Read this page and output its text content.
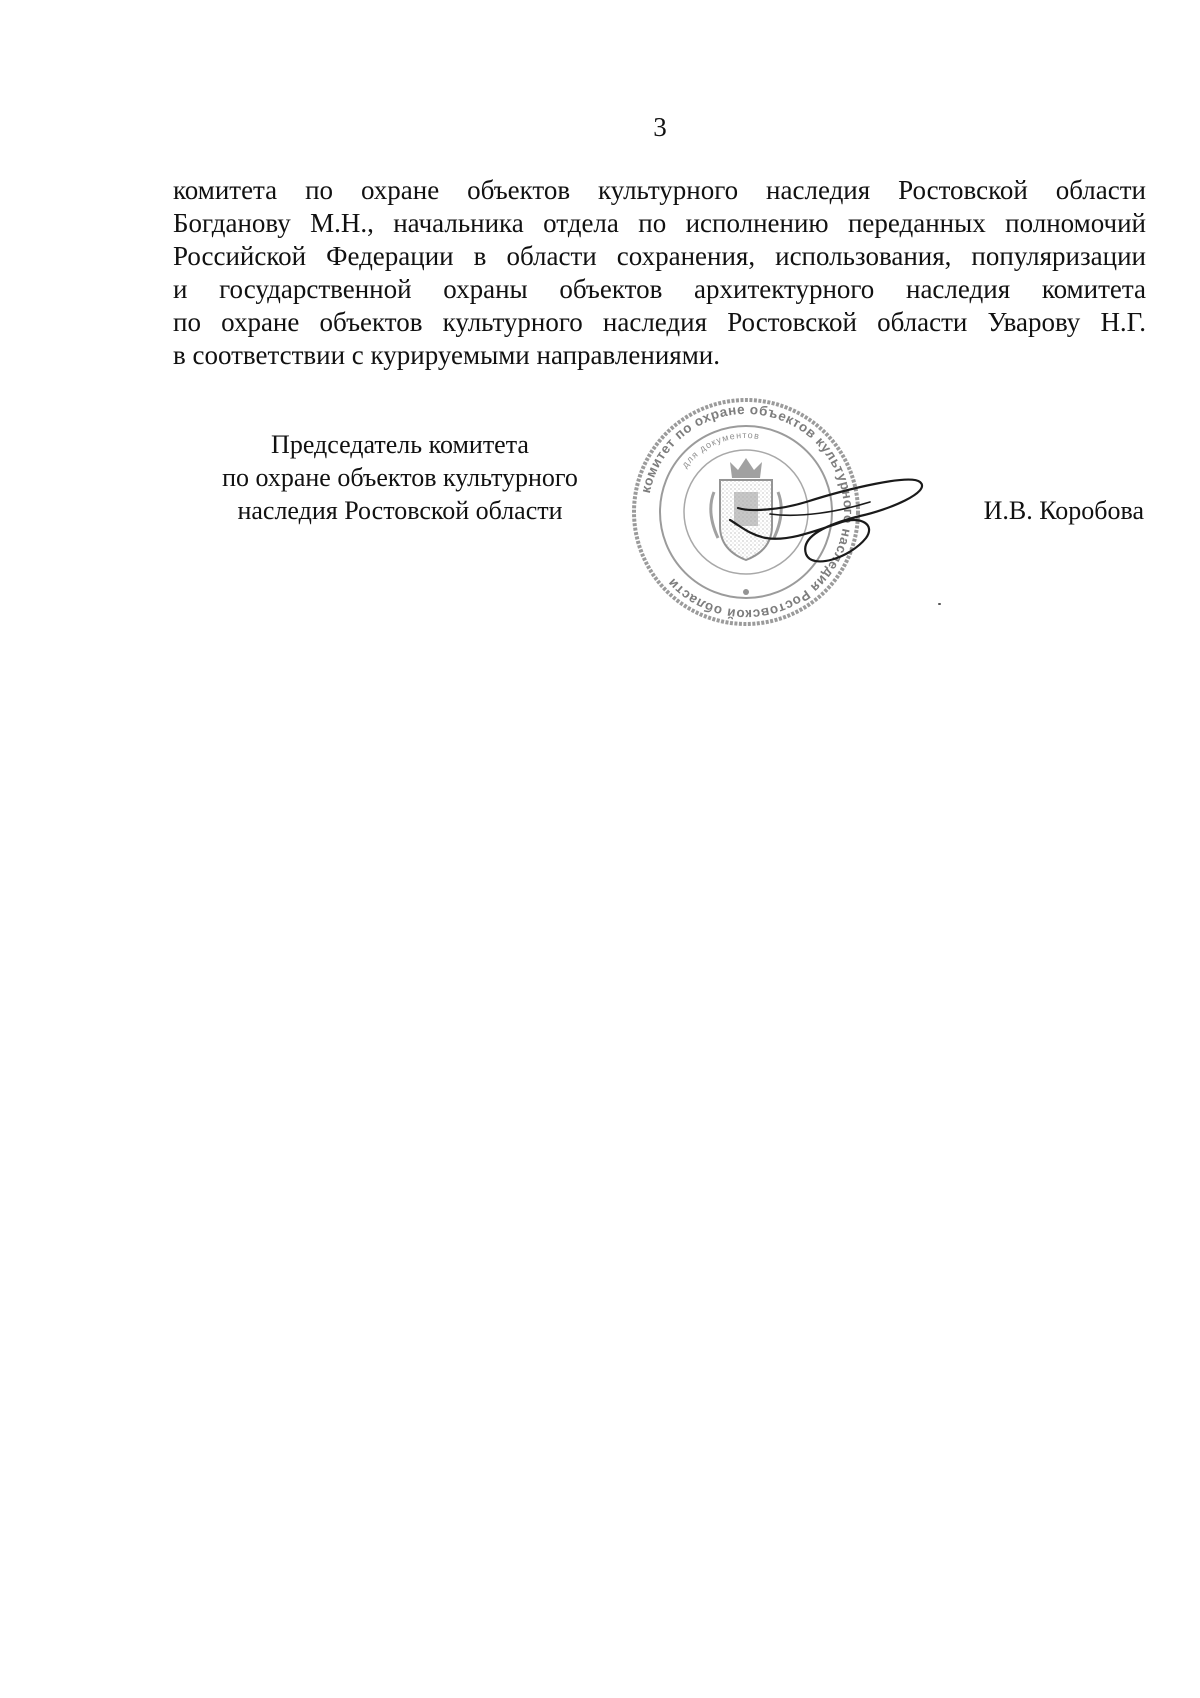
3
комитета по охране объектов культурного наследия Ростовской области
Богданову М.Н., начальника отдела по исполнению переданных полномочий
Российской Федерации в области сохранения, использования, популяризации
и государственной охраны объектов архитектурного наследия комитета
по охране объектов культурного наследия Ростовской области Уварову Н.Г.
в соответствии с курируемыми направлениями.
Председатель комитета
по охране объектов культурного
наследия Ростовской области
комитет по охране объектов культурного наследия Ростовской области
для документов
И.В. Коробова
